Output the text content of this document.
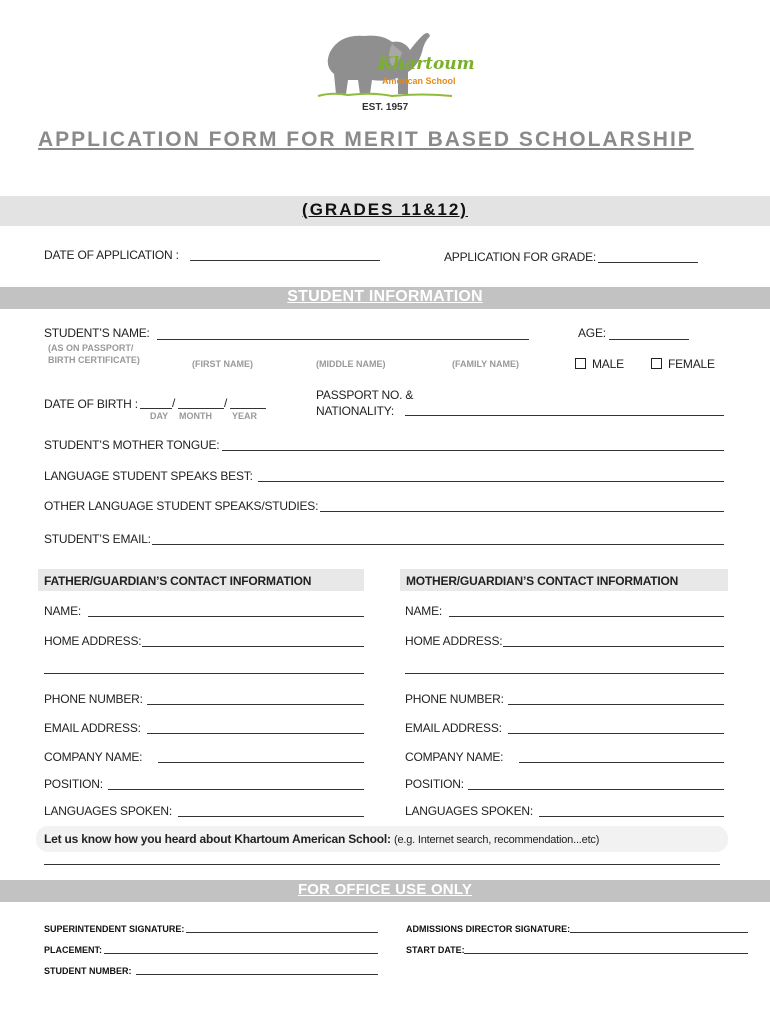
Khartoum
American School
EST. 1957
APPLICATION FORM FOR MERIT BASED SCHOLARSHIP
(GRADES 11&12)
DATE OF APPLICATION :	APPLICATION FOR GRADE:
STUDENT INFORMATION
STUDENT’S NAME:
(AS ON PASSPORT/
BIRTH CERTIFICATE)	(FIRST NAME)	(MIDDLE NAME)	(FAMILY NAME)
AGE:
MALE	FEMALE
DATE OF BIRTH :	/	/
DAY MONTH YEAR
PASSPORT NO. &
NATIONALITY:
STUDENT’S MOTHER TONGUE:
LANGUAGE STUDENT SPEAKS BEST:
OTHER LANGUAGE STUDENT SPEAKS/STUDIES:
STUDENT’S EMAIL:
FATHER/GUARDIAN’S CONTACT INFORMATION	MOTHER/GUARDIAN’S CONTACT INFORMATION
NAME:
HOME ADDRESS:
PHONE NUMBER:
EMAIL ADDRESS:
COMPANY NAME:
POSITION:
LANGUAGES SPOKEN:
NAME:
HOME ADDRESS:
PHONE NUMBER:
EMAIL ADDRESS:
COMPANY NAME:
POSITION:
LANGUAGES SPOKEN:
Let us know how you heard about Khartoum American School: (e.g. Internet search, recommendation...etc)
FOR OFFICE USE ONLY
SUPERINTENDENT SIGNATURE:	ADMISSIONS DIRECTOR SIGNATURE:
PLACEMENT:	START DATE:
STUDENT NUMBER:
